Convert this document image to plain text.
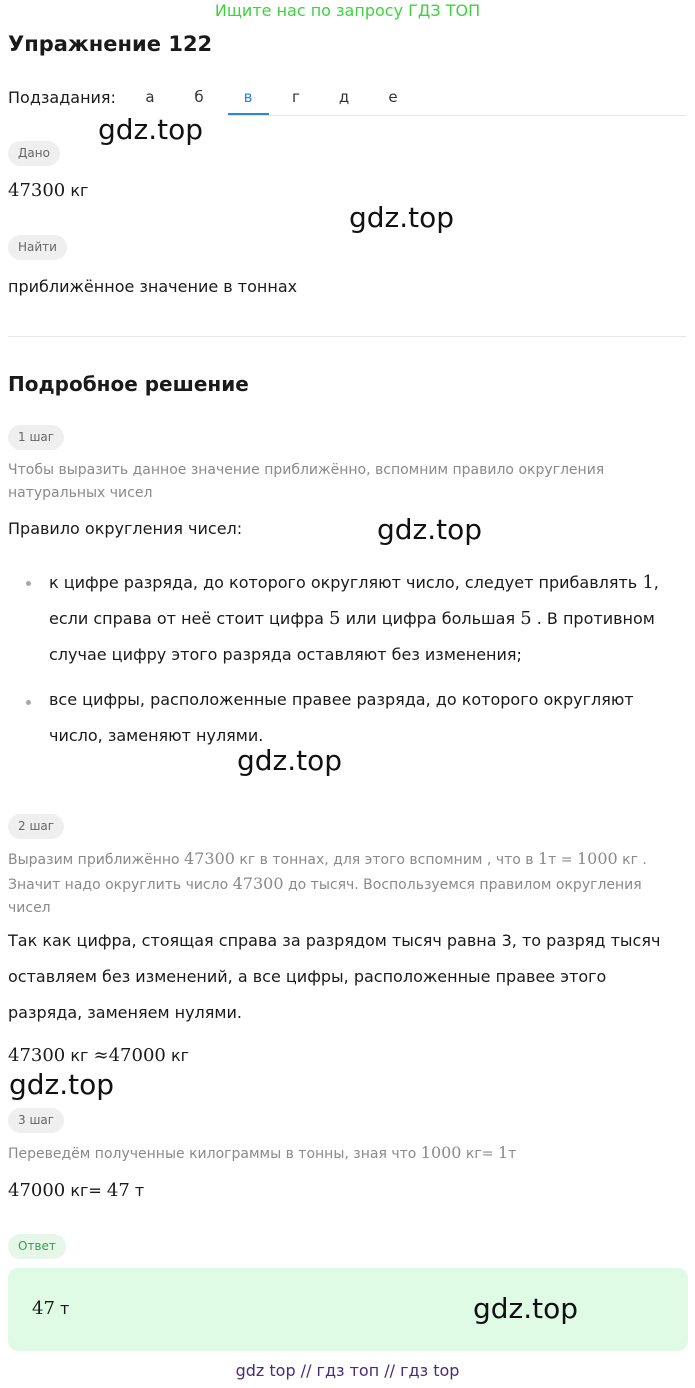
Ищите нас по запросу ГДЗ ТОП
Упражнение 122
Подзадания:	а	б	в	г	д	е
gdz.top
Дано
47300 кг
gdz.top
Найти
приближённое значение в тоннах
Подробное решение
1 шаг
Чтобы выразить данное значение приближённо, вспомним правило округления натуральных чисел
Правило округления чисел:	gdz.top
к цифре разряда, до которого округляют число, следует прибавлять 1,
если справа от неё стоит цифра 5 или цифра большая 5 . В противном
случае цифру этого разряда оставляют без изменения;
все цифры, расположенные правее разряда, до которого округляют
число, заменяют нулями.
gdz.top
2 шаг
Выразим приближённо 47300 кг в тоннах, для этого вспомним , что в 1т = 1000 кг .
Значит надо округлить число 47300 до тысяч. Воспользуемся правилом округления
чисел
Так как цифра, стоящая справа за разрядом тысяч равна 3, то разряд тысяч
оставляем без изменений, а все цифры, расположенные правее этого
разряда, заменяем нулями.
47300 кг ≈47000 кг
gdz.top
3 шаг
Переведём полученные килограммы в тонны, зная что 1000 кг= 1т
47000 кг= 47 т
Ответ
47 т	gdz.top
gdz top // гдз топ // гдз top
